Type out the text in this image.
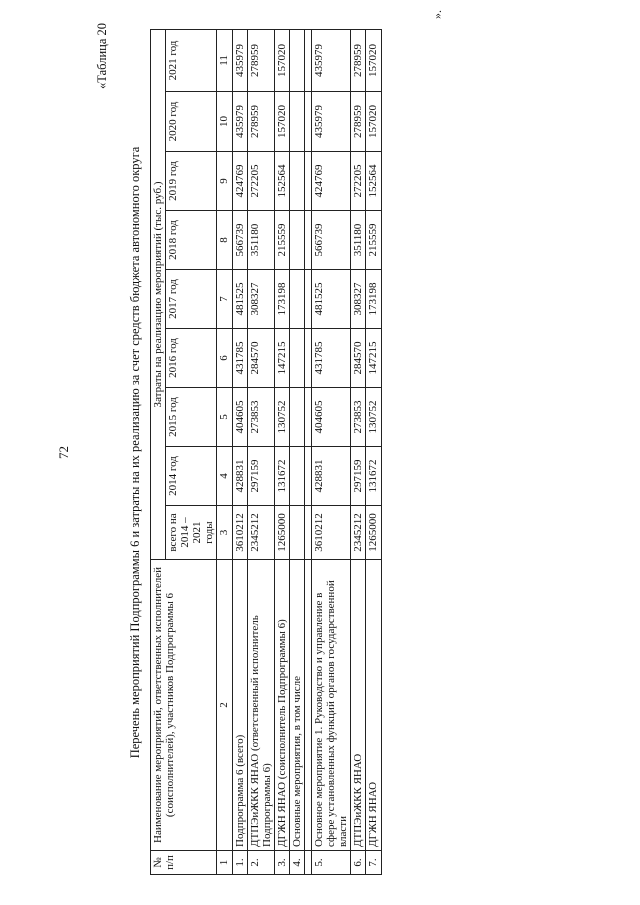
72
«Таблица 20
Перечень мероприятий Подпрограммы 6 и затраты на их реализацию за счет средств бюджета автономного округа
№ п/п	Наименование мероприятий, ответственных исполнителей (соисполнителей), участников Подпрограммы 6	Затраты на реализацию мероприятий (тыс. руб.)								
		всего на 2014 – 2021 годы	2014 год	2015 год	2016 год	2017 год	2018 год	2019 год	2020 год	2021 год
1	2	3	4	5	6	7	8	9	10	11
1.	Подпрограмма 6 (всего)	3610212	428831	404605	431785	481525	566739	424769	435979	435979
2.	ДТПЭиЖКК ЯНАО (ответственный исполнитель Подпрограммы 6)	2345212	297159	273853	284570	308327	351180	272205	278959	278959
3.	ДГЖН ЯНАО (соисполнитель Подпрограммы 6)	1265000	131672	130752	147215	173198	215559	152564	157020	157020
4.	Основные мероприятия, в том числе									

5.	Основное мероприятие 1. Руководство и управление в сфере установленных функций органов государственной власти	3610212	428831	404605	431785	481525	566739	424769	435979	435979
6.	ДТПЭиЖКК ЯНАО	2345212	297159	273853	284570	308327	351180	272205	278959	278959
7.	ДГЖН ЯНАО	1265000	131672	130752	147215	173198	215559	152564	157020	157020
».
